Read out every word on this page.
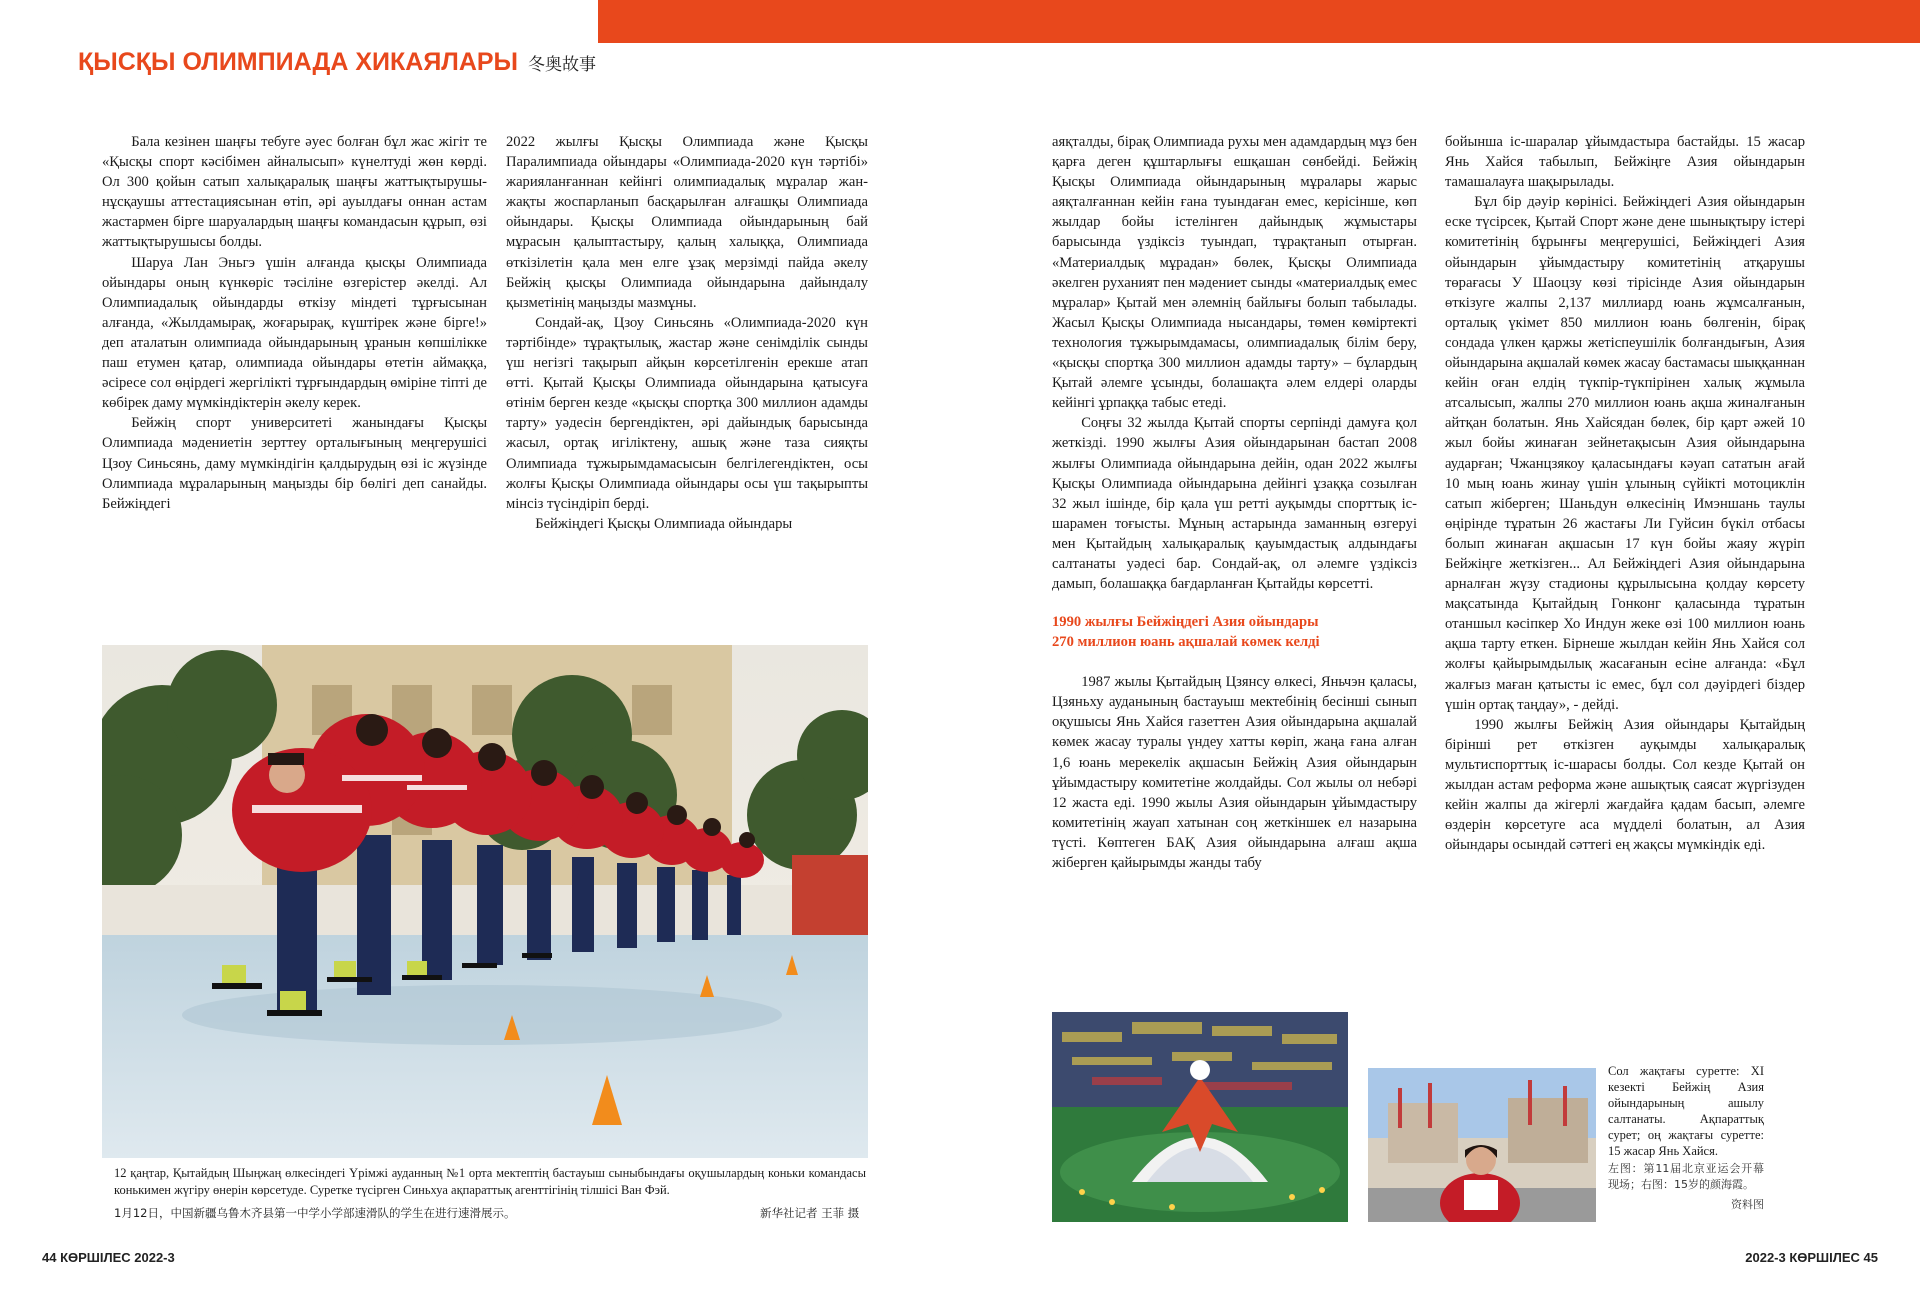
ҚЫСҚЫ ОЛИМПИАДА ХИКАЯЛАРЫ 冬奥故事

Бала кезінен шаңғы тебуге әуес болған бұл жас жігіт те «Қысқы спорт кәсібімен айналысып» күнелтуді жөн көрді. Ол 300 қойын сатып халықаралық шаңғы жаттықтырушы-нұсқаушы аттестациясынан өтіп, әрі ауылдағы оннан астам жастармен бірге шаруалардың шаңғы командасын құрып, өзі жаттықтырушысы болды.

Шаруа Лан Эньгэ үшін алғанда қысқы Олимпиада ойындары оның күнкөріс тәсіліне өзгерістер әкелді. Ал Олимпиадалық ойындарды өткізу міндеті тұрғысынан алғанда, «Жылдамырақ, жоғарырақ, күштірек және бірге!» деп аталатын олимпиада ойындарының ұранын көпшілікке паш етумен қатар, олимпиада ойындары өтетін аймаққа, әсіресе сол өңірдегі жергілікті тұрғындардың өміріне тіпті де көбірек даму мүмкіндіктерін әкелу керек.

Бейжің спорт университеті жанындағы Қысқы Олимпиада мәдениетін зерттеу орталығының меңгерушісі Цзоу Синьсянь, даму мүмкіндігін қалдырудың өзі іс жүзінде Олимпиада мұраларының маңызды бір бөлігі деп санайды. Бейжіңдегі

2022 жылғы Қысқы Олимпиада және Қысқы Паралимпиада ойындары «Олимпиада-2020 күн тәртібі» жарияланғаннан кейінгі олимпиадалық мұралар жан-жақты жоспарланып басқарылған алғашқы Олимпиада ойындары. Қысқы Олимпиада ойындарының бай мұрасын қалыптастыру, қалың халыққа, Олимпиада өткізілетін қала мен елге ұзақ мерзімді пайда әкелу Бейжің қысқы Олимпиада ойындарына дайындалу қызметінің маңызды мазмұны.

Сондай-ақ, Цзоу Синьсянь «Олимпиада-2020 күн тәртібінде» тұрақтылық, жастар және сенімділік сынды үш негізгі тақырып айқын көрсетілгенін ерекше атап өтті. Қытай Қысқы Олимпиада ойындарына қатысуға өтінім берген кезде «қысқы спортқа 300 миллион адамды тарту» уәдесін бергендіктен, әрі дайындық барысында жасыл, ортақ игіліктену, ашық және таза сияқты Олимпиада тұжырымдамасысын белгілегендіктен, осы жолғы Қысқы Олимпиада ойындары осы үш тақырыпты мінсіз түсіндіріп берді.

Бейжіңдегі Қысқы Олимпиада ойындары

12 қаңтар, Қытайдың Шыңжаң өлкесіндегі Үрімжі ауданның №1 орта мектептің бастауыш сыныбындағы оқушылардың коньки командасы конькимен жүгіру өнерін көрсетуде. Суретке түсірген Синьхуа ақпараттық агенттігінің тілшісі Ван Фэй.
1月12日，中国新疆乌鲁木齐县第一中学小学部速滑队的学生在进行速滑展示。	新华社记者 王菲 摄

аяқталды, бірақ Олимпиада рухы мен адамдардың мұз бен қарға деген құштарлығы ешқашан сөнбейді. Бейжің Қысқы Олимпиада ойындарының мұралары жарыс аяқталғаннан кейін ғана туындаған емес, керісінше, көп жылдар бойы істелінген дайындық жұмыстары барысында үздіксіз туындап, тұрақтанып отырған. «Материалдық мұрадан» бөлек, Қысқы Олимпиада әкелген руханият пен мәдениет сынды «материалдық емес мұралар» Қытай мен әлемнің байлығы болып табылады. Жасыл Қысқы Олимпиада нысандары, төмен көміртекті технология тұжырымдамасы, олимпиадалық білім беру, «қысқы спортқа 300 миллион адамды тарту» – бұлардың Қытай әлемге ұсынды, болашақта әлем елдері оларды кейінгі ұрпаққа табыс етеді.

Соңғы 32 жылда Қытай спорты серпінді дамуға қол жеткізді. 1990 жылғы Азия ойындарынан бастап 2008 жылғы Олимпиада ойындарына дейін, одан 2022 жылғы Қысқы Олимпиада ойындарына дейінгі ұзаққа созылған 32 жыл ішінде, бір қала үш ретті ауқымды спорттық іс-шарамен тоғысты. Мұның астарында заманның өзгеруі мен Қытайдың халықаралық қауымдастық алдындағы салтанаты уәдесі бар. Сондай-ақ, ол әлемге үздіксіз дамып, болашаққа бағдарланған Қытайды көрсетті.

1990 жылғы Бейжіңдегі Азия ойындары
270 миллион юань ақшалай көмек келді

1987 жылы Қытайдың Цзянсу өлкесі, Яньчэн қаласы, Цзяньху ауданының бастауыш мектебінің бесінші сынып оқушысы Янь Хайся газеттен Азия ойындарына ақшалай көмек жасау туралы үндеу хатты көріп, жаңа ғана алған 1,6 юань мерекелік ақшасын Бейжің Азия ойындарын ұйымдастыру комитетіне жолдайды. Сол жылы ол небәрі 12 жаста еді. 1990 жылы Азия ойындарын ұйымдастыру комитетінің жауап хатынан соң жеткіншек ел назарына түсті. Көптеген БАҚ Азия ойындарына алғаш ақша жіберген қайырымды жанды табу

бойынша іс-шаралар ұйымдастыра бастайды. 15 жасар Янь Хайся табылып, Бейжіңге Азия ойындарын тамашалауға шақырылады.

Бұл бір дәуір көрінісі. Бейжіңдегі Азия ойындарын еске түсірсек, Қытай Спорт және дене шынықтыру істері комитетінің бұрынғы меңгерушісі, Бейжіңдегі Азия ойындарын ұйымдастыру комитетінің атқарушы төрағасы У Шаоцзу көзі тірісінде Азия ойындарын өткізуге жалпы 2,137 миллиард юань жұмсалғанын, орталық үкімет 850 миллион юань бөлгенін, бірақ сондада үлкен қаржы жетіспеушілік болғандығын, Азия ойындарына ақшалай көмек жасау бастамасы шыққаннан кейін оған елдің түкпір-түкпірінен халық жұмыла атсалысып, жалпы 270 миллион юань ақша жиналғанын айтқан болатын. Янь Хайсядан бөлек, бір қарт әжей 10 жыл бойы жинаған зейнетақысын Азия ойындарына аударған; Чжанцзякоу қаласындағы кәуап сататын ағай 10 мың юань жинау үшін ұлының сүйікті мотоциклін сатып жіберген; Шаньдун өлкесінің Имэншань таулы өңірінде тұратын 26 жастағы Ли Гуйсин бүкіл отбасы болып жинаған ақшасын 17 күн бойы жаяу жүріп Бейжіңге жеткізген... Ал Бейжіңдегі Азия ойындарына арналған жүзу стадионы құрылысына қолдау көрсету мақсатында Қытайдың Гонконг қаласында тұратын отаншыл кәсіпкер Хо Индун жеке өзі 100 миллион юань ақша тарту еткен. Бірнеше жылдан кейін Янь Хайся сол жолғы қайырымдылық жасағанын есіне алғанда: «Бұл жалғыз маған қатысты іс емес, бұл сол дәуірдегі біздер үшін ортақ таңдау», - дейді.

1990 жылғы Бейжің Азия ойындары Қытайдың бірінші рет өткізген ауқымды халықаралық мультиспорттық іс-шарасы болды. Сол кезде Қытай он жылдан астам реформа және ашықтық саясат жүргізуден кейін жалпы да жігерлі жағдайға қадам басып, әлемге өздерін көрсетуге аса мүдделі болатын, ал Азия ойындары осындай сәттегі ең жақсы мүмкіндік еді.

Сол жақтағы суретте: XI кезекті Бейжің Азия ойындарының ашылу салтанаты. Ақпараттық сурет; оң жақтағы суретте: 15 жасар Янь Хайся.
左图：第11届北京亚运会开幕现场；右图：15岁的颜海霞。
资料图
44 КӨРШІЛЕС 2022-3	2022-3 КӨРШІЛЕС 45
